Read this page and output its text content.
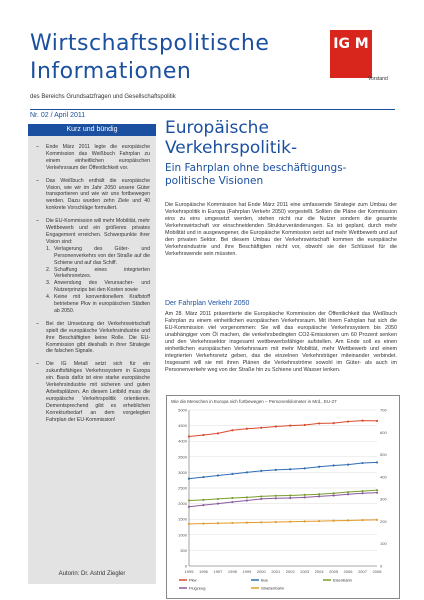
Wirtschaftspolitische
Informationen
des Bereichs Grundsatzfragen und Gesellschaftspolitik
IG M
Vorstand
Nr. 02 / April 2011
Kurz und bündig
– Ende März 2011 legte die europäische Kommission das Weißbuch Fahrplan zu einem einheitlichen europäischen Verkehrsraum der Öffentlichkeit vor.
– Das Weißbuch enthält die europäische Vision, wie wir im Jahr 2050 unsere Güter transportieren und wie wir uns fortbewegen werden. Dazu wurden zehn Ziele und 40 konkrete Vorschläge formuliert.
– Die EU-Kommission will mehr Mobilität, mehr Wettbewerb und ein größeres privates Engagement erreichen. Schwerpunkte ihrer Vision sind:
1. Verlagerung des Güter- und Personenverkehrs von der Straße auf die Schiene und auf das Schiff.
2. Schaffung eines integrierten Verkehrsnetzes.
3. Anwendung des Verursacher- und Nutzerprinzips bei den Kosten sowie
4. Keine mit konventionellem Kraftstoff betriebene Pkw in europäischen Städten ab 2050.
– Bei der Umsetzung der Verkehrswirtschaft spielt die europäische Verkehrsindustrie und ihre Beschäftigten keine Rolle. Die EU-Kommission gibt dieshalb in ihrer Strategie die falschen Signale.
– Die IG Metall setzt sich für ein zukunftsfähiges Verkehrssystem in Europa ein. Basis dafür ist eine starke europäische Verkehrsindustrie mit sicheren und guten Arbeitsplätzen. An diesem Leitbild muss die europäische Verkehrspolitik orientieren. Dementsprechend gibt es erheblichen Korrekturbedarf an dem vorgelegten Fahrplan der EU-Kommission!
Autorin: Dr. Astrid Ziegler
Europäische
Verkehrspolitik-
Ein Fahrplan ohne beschäftigungs-
politische Visionen
Die Europäische Kommission hat Ende März 2011 eine umfassende Strategie zum Umbau der Verkehrspolitik in Europa (Fahrplan Verkehr 2050) vorgestellt. Sollten die Pläne der Kommission eins zu eins umgesetzt werden, stehen nicht nur die Nutzer sondern die gesamte Verkehrswirtschaft vor einschneidenden Strukturveränderungen. Es ist geplant, durch mehr Mobilität und in ausgewogener, die Europäische Kommission setzt auf mehr Wettbewerb und auf den privaten Sektor. Bei diesem Umbau der Verkehrswirtschaft kommen die europäische Verkehrsindustrie und ihre Beschäftigten nicht vor, obwohl sie der Schlüssel für die Verkehrswende sein müssten.
Der Fahrplan Verkehr 2050
Am 28. März 2011 präsentierte die Europäische Kommission der Öffentlichkeit das Weißbuch Fahrplan zu einem einheitlichen europäischen Verkehrsraum. Mit ihrem Fahrplan hat sich die EU-Kommission viel vorgenommen: Sie will das europäische Verkehrssystem bis 2050 unabhängiger vom Öl machen, die verkehrsbedingten CO2-Emissionen um 60 Prozent senken und den Verkehrssektor insgesamt wettbewerbsfähiger aufstellen. Am Ende soll es einen einheitlichen europäischen Verkehrsraum mit mehr Mobilität, mehr Wettbewerb und einem integrierten Verkehrsnetz geben, das die einzelnen Verkehrsträger miteinander verbindet. Insgesamt will sie mit ihren Plänen die Verkehrsströme sowohl im Güter- als auch im Personenverkehr weg von der Straße hin zu Schiene und Wasser lenken.
Wie die Menschen in Europa sich fortbewegen – Personenkilometer in Mrd., EU-27
0
500
1000
1500
2000
2500
3000
3500
4000
4500
5000
0
100
200
300
400
500
600
700
1995 1996 1997 1998 1999 2000 2001 2002 2003 2004 2005 2006 2007 2008
Pkw	Bus	Eisenbahn
Flugzeug	Straßenbahn
